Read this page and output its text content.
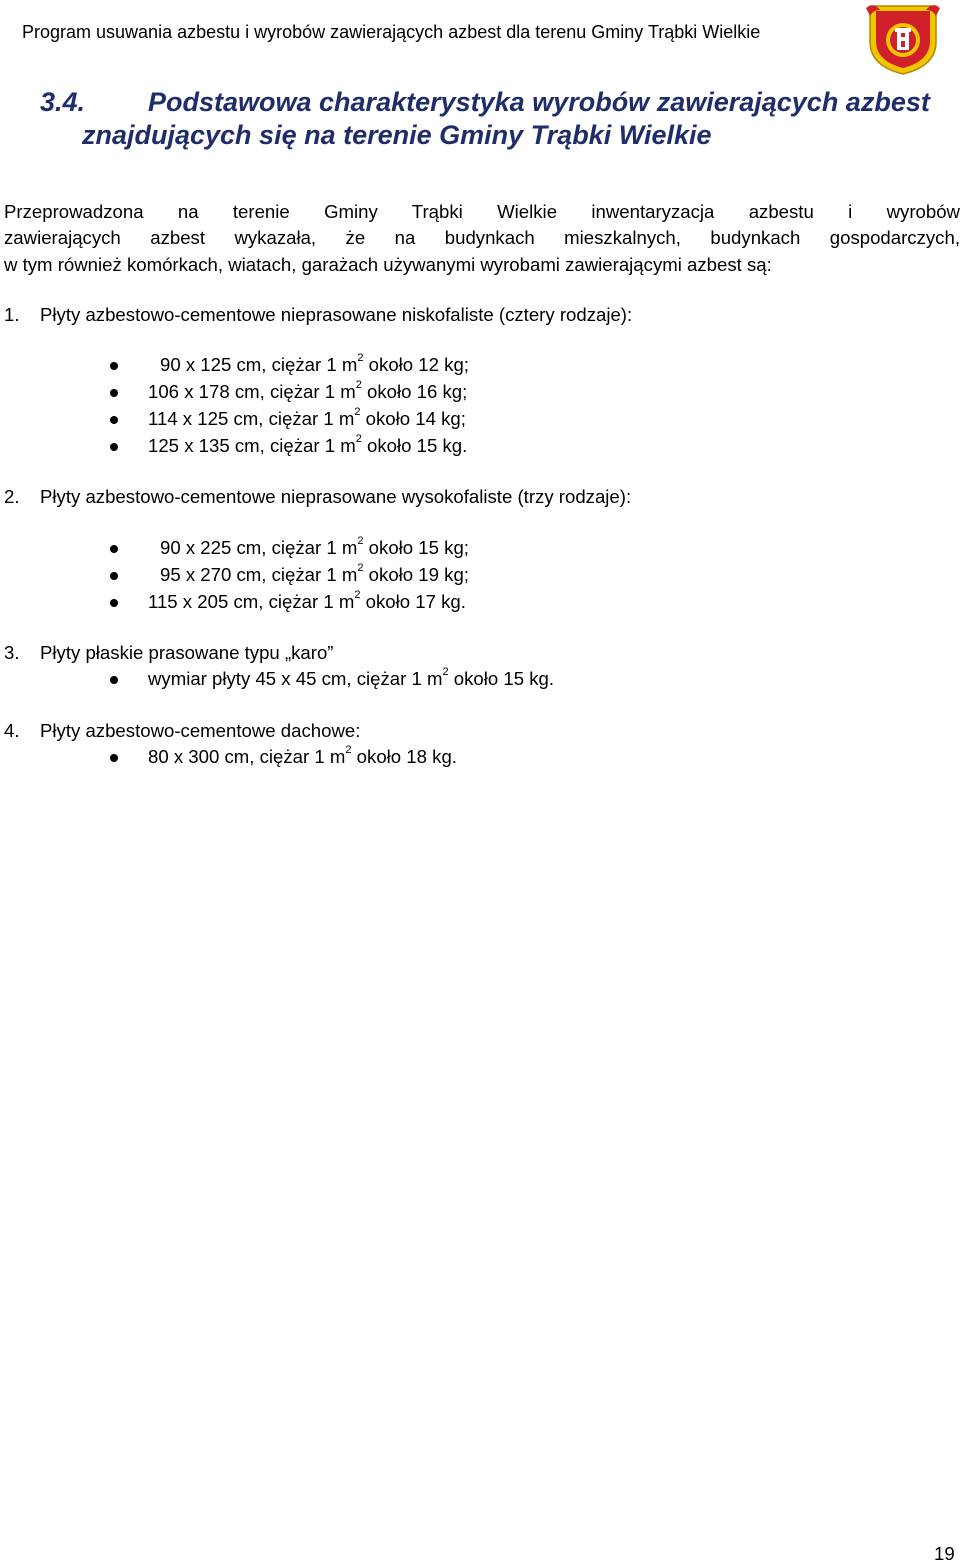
Program usuwania azbestu i wyrobów zawierających azbest dla terenu Gminy Trąbki Wielkie
3.4. Podstawowa charakterystyka wyrobów zawierających azbest
znajdujących się na terenie Gminy Trąbki Wielkie

Przeprowadzona na terenie Gminy Trąbki Wielkie inwentaryzacja azbestu i wyrobów
zawierających azbest wykazała, że na budynkach mieszkalnych, budynkach gospodarczych,
w tym również komórkach, wiatach, garażach używanymi wyrobami zawierającymi azbest są:

1. Płyty azbestowo-cementowe nieprasowane niskofaliste (cztery rodzaje):

90 x 125 cm, ciężar 1 $m^2$ około 12 kg;
106 x 178 cm, ciężar 1 $m^2$ około 16 kg;
114 x 125 cm, ciężar 1 $m^2$ około 14 kg;
125 x 135 cm, ciężar 1 $m^2$ około 15 kg.

2. Płyty azbestowo-cementowe nieprasowane wysokofaliste (trzy rodzaje):

90 x 225 cm, ciężar 1 $m^2$ około 15 kg;
95 x 270 cm, ciężar 1 $m^2$ około 19 kg;
115 x 205 cm, ciężar 1 $m^2$ około 17 kg.

3. Płyty płaskie prasowane typu „karo”

wymiar płyty 45 x 45 cm, ciężar 1 $m^2$ około 15 kg.

4. Płyty azbestowo-cementowe dachowe:

80 x 300 cm, ciężar 1 $m^2$ około 18 kg.
19
